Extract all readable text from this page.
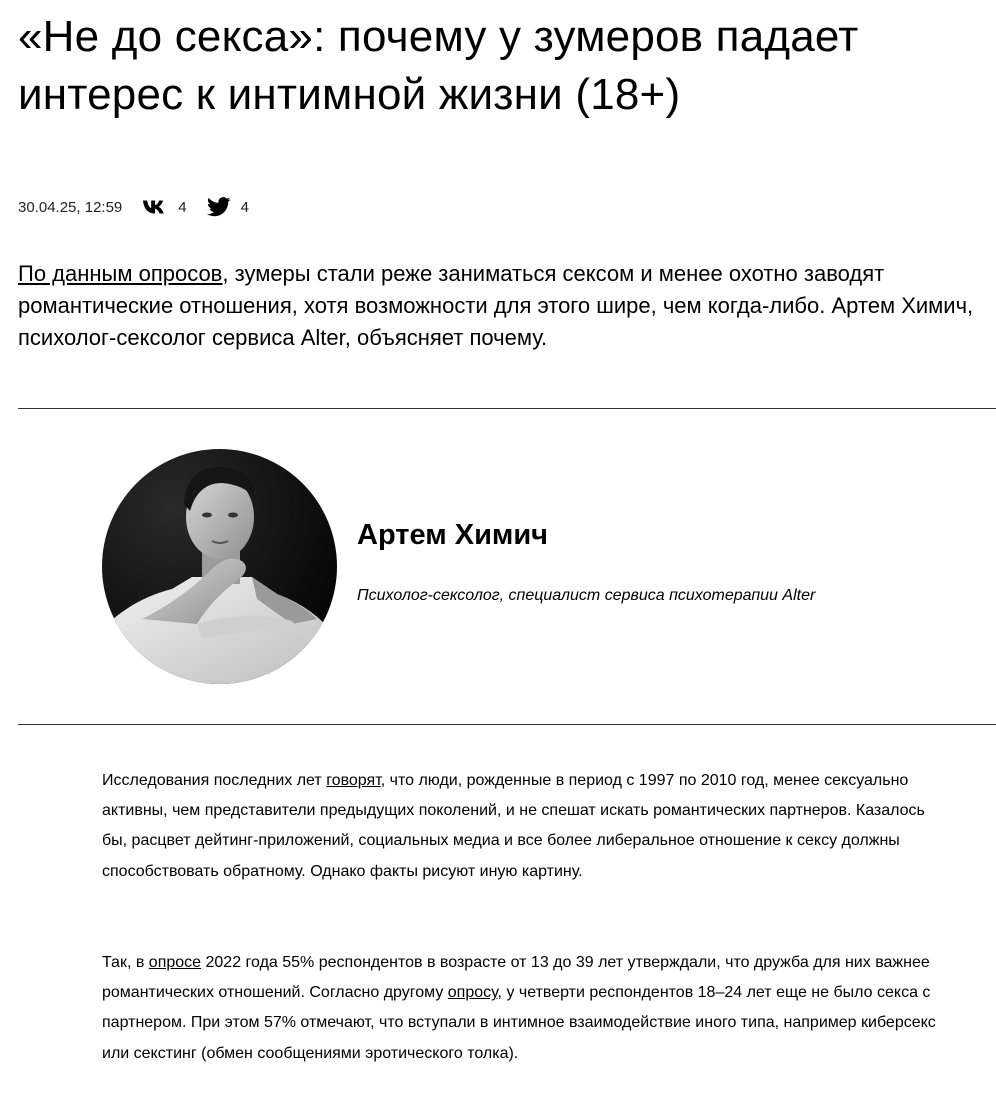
«Не до секса»: почему у зумеров падает интерес к интимной жизни (18+)
30.04.25, 12:59	4	4

По данным опросов, зумеры стали реже заниматься сексом и менее охотно заводят романтические отношения, хотя возможности для этого шире, чем когда-либо. Артем Химич, психолог-сексолог сервиса Alter, объясняет почему.

Артем Химич
Психолог-сексолог, специалист сервиса психотерапии Alter

Исследования последних лет говорят, что люди, рожденные в период с 1997 по 2010 год, менее сексуально активны, чем представители предыдущих поколений, и не спешат искать романтических партнеров. Казалось бы, расцвет дейтинг-приложений, социальных медиа и все более либеральное отношение к сексу должны способствовать обратному. Однако факты рисуют иную картину.

Так, в опросе 2022 года 55% респондентов в возрасте от 13 до 39 лет утверждали, что дружба для них важнее романтических отношений. Согласно другому опросу, у четверти респондентов 18–24 лет еще не было секса с партнером. При этом 57% отмечают, что вступали в интимное взаимодействие иного типа, например киберсекс или секстинг (обмен сообщениями эротического толка).
